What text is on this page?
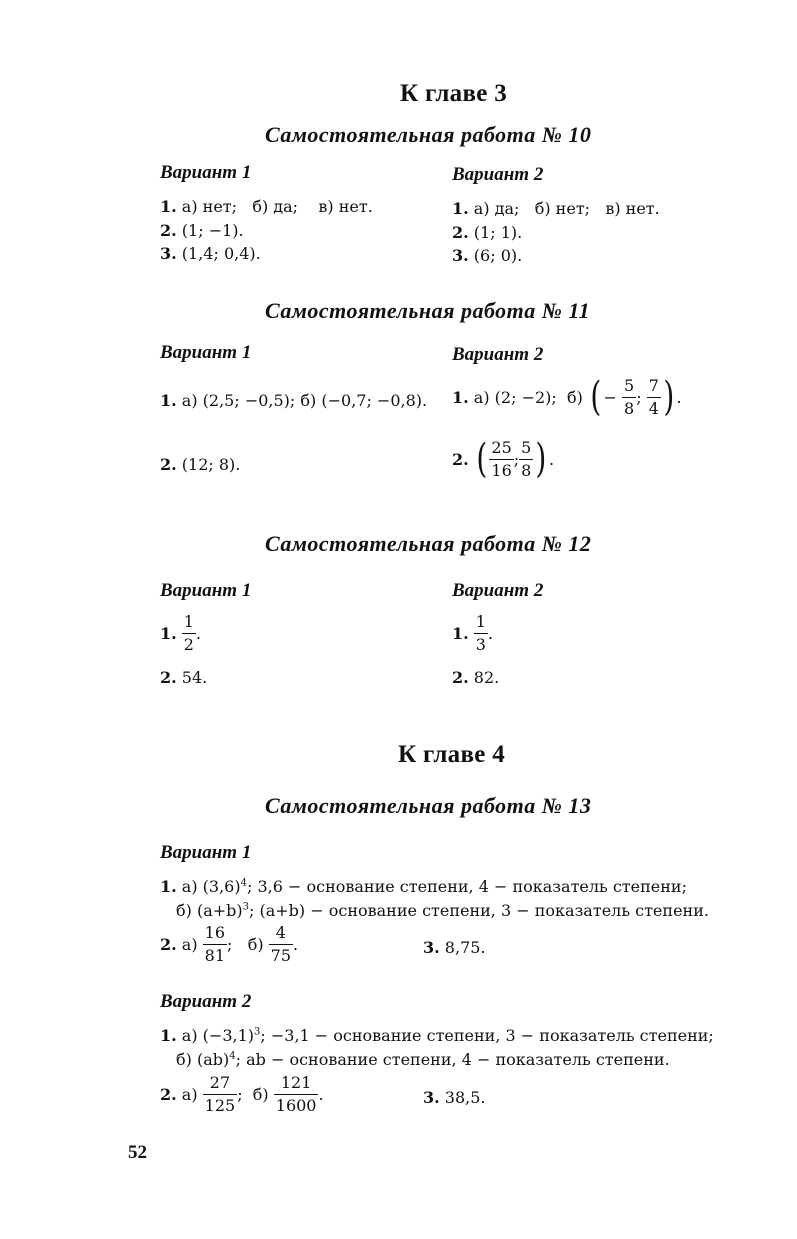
К главе 3
Самостоятельная работа № 10
Вариант 1	Вариант 2
1. а) нет; б) да; в) нет.
2. (1; −1).
3. (1,4; 0,4).
1. а) да; б) нет; в) нет.
2. (1; 1).
3. (6; 0).
Самостоятельная работа № 11
Вариант 1	Вариант 2
1. а) (2,5; −0,5); б) (−0,7; −0,8).
2. (12; 8).
1. а) (2; −2); б) ( − $\frac{5}{8}$ ; $\frac{7}{4}$ ) .
2. ( $\frac{25}{16}$ ; $\frac{5}{8}$ ) .
Самостоятельная работа № 12
Вариант 1	Вариант 2
1. $\frac{1}{2}$ .
2. 54.
1. $\frac{1}{3}$ .
2. 82.
К главе 4
Самостоятельная работа № 13
Вариант 1
1. а) $(3,6)^4$; 3,6 − основание степени, 4 − показатель степени;
б) $(a+b)^3$; (a+b) − основание степени, 3 − показатель степени.
2. $а) \frac{16}{81}$ ;   $б) \frac{4}{75}$ .	3. 8,75.
Вариант 2
1. а) $(-3,1)^3$; −3,1 − основание степени, 3 − показатель степени;
б) (ab)$^4$; ab − основание степени, 4 − показатель степени.
2. $а) \frac{27}{125}$ ;  $б) \frac{121}{1600}$ .	3. 38,5.
52
